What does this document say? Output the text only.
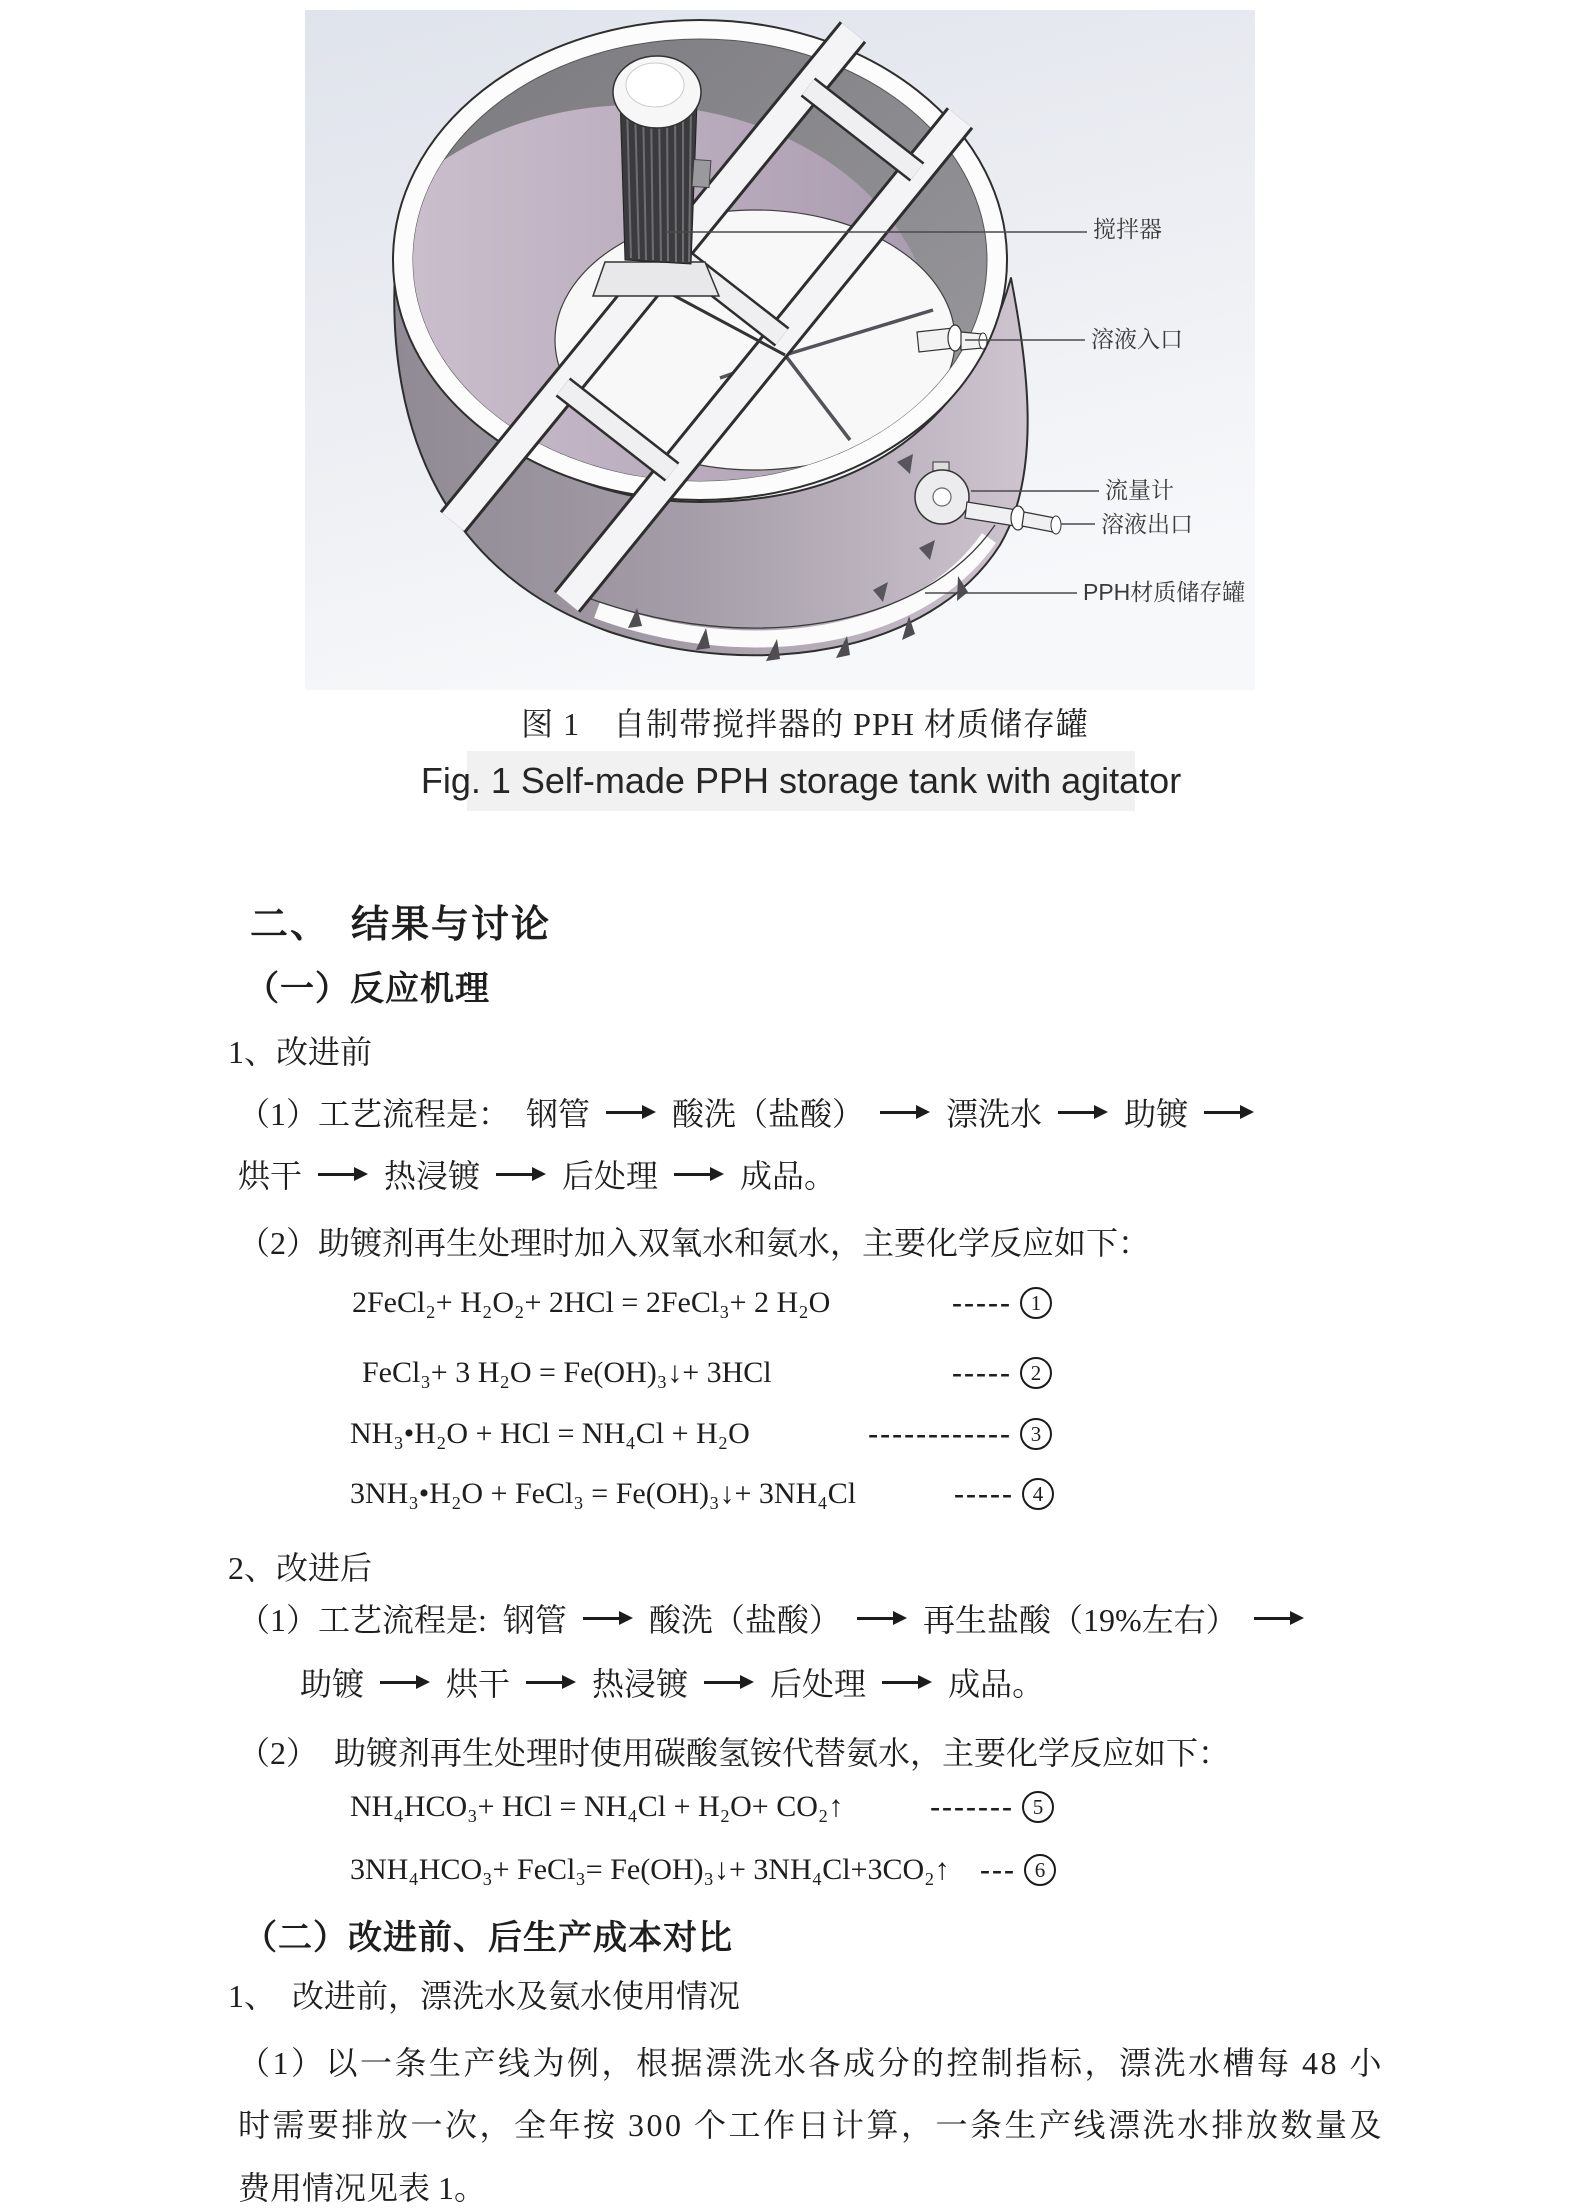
搅拌器
溶液入口
流量计
溶液出口
PPH材质储存罐
图 1　自制带搅拌器的 PPH 材质储存罐
Fig. 1 Self-made PPH storage tank with agitator
二、　结果与讨论
（一）反应机理
1、改进前
（1）工艺流程是： 钢管	酸洗（盐酸）	漂洗水	助镀
烘干	热浸镀	后处理	成品。
（2）助镀剂再生处理时加入双氧水和氨水，主要化学反应如下：
2FeCl₂+ H₂O₂+ 2HCl = 2FeCl₃+ 2 H₂O	----- 1
FeCl₃+ 3 H₂O = Fe(OH)₃↓+ 3HCl	----- 2
NH₃•H₂O + HCl = NH₄Cl + H₂O	------------ 3
3NH₃•H₂O + FeCl₃ = Fe(OH)₃↓+ 3NH₄Cl	----- 4
2、改进后
（1）工艺流程是: 钢管	酸洗（盐酸）	再生盐酸（19%左右）
助镀	烘干	热浸镀	后处理	成品。
（2）　助镀剂再生处理时使用碳酸氢铵代替氨水，主要化学反应如下：
NH₄HCO₃+ HCl = NH₄Cl + H₂O+ CO₂↑	------- 5
3NH₄HCO₃+ FeCl₃= Fe(OH)₃↓+ 3NH₄Cl+3CO₂↑ --- 6
（二）改进前、后生产成本对比
1、　改进前，漂洗水及氨水使用情况
（1）以一条生产线为例，根据漂洗水各成分的控制指标，漂洗水槽每 48 小
时需要排放一次，全年按 300 个工作日计算，一条生产线漂洗水排放数量及
费用情况见表 1。
